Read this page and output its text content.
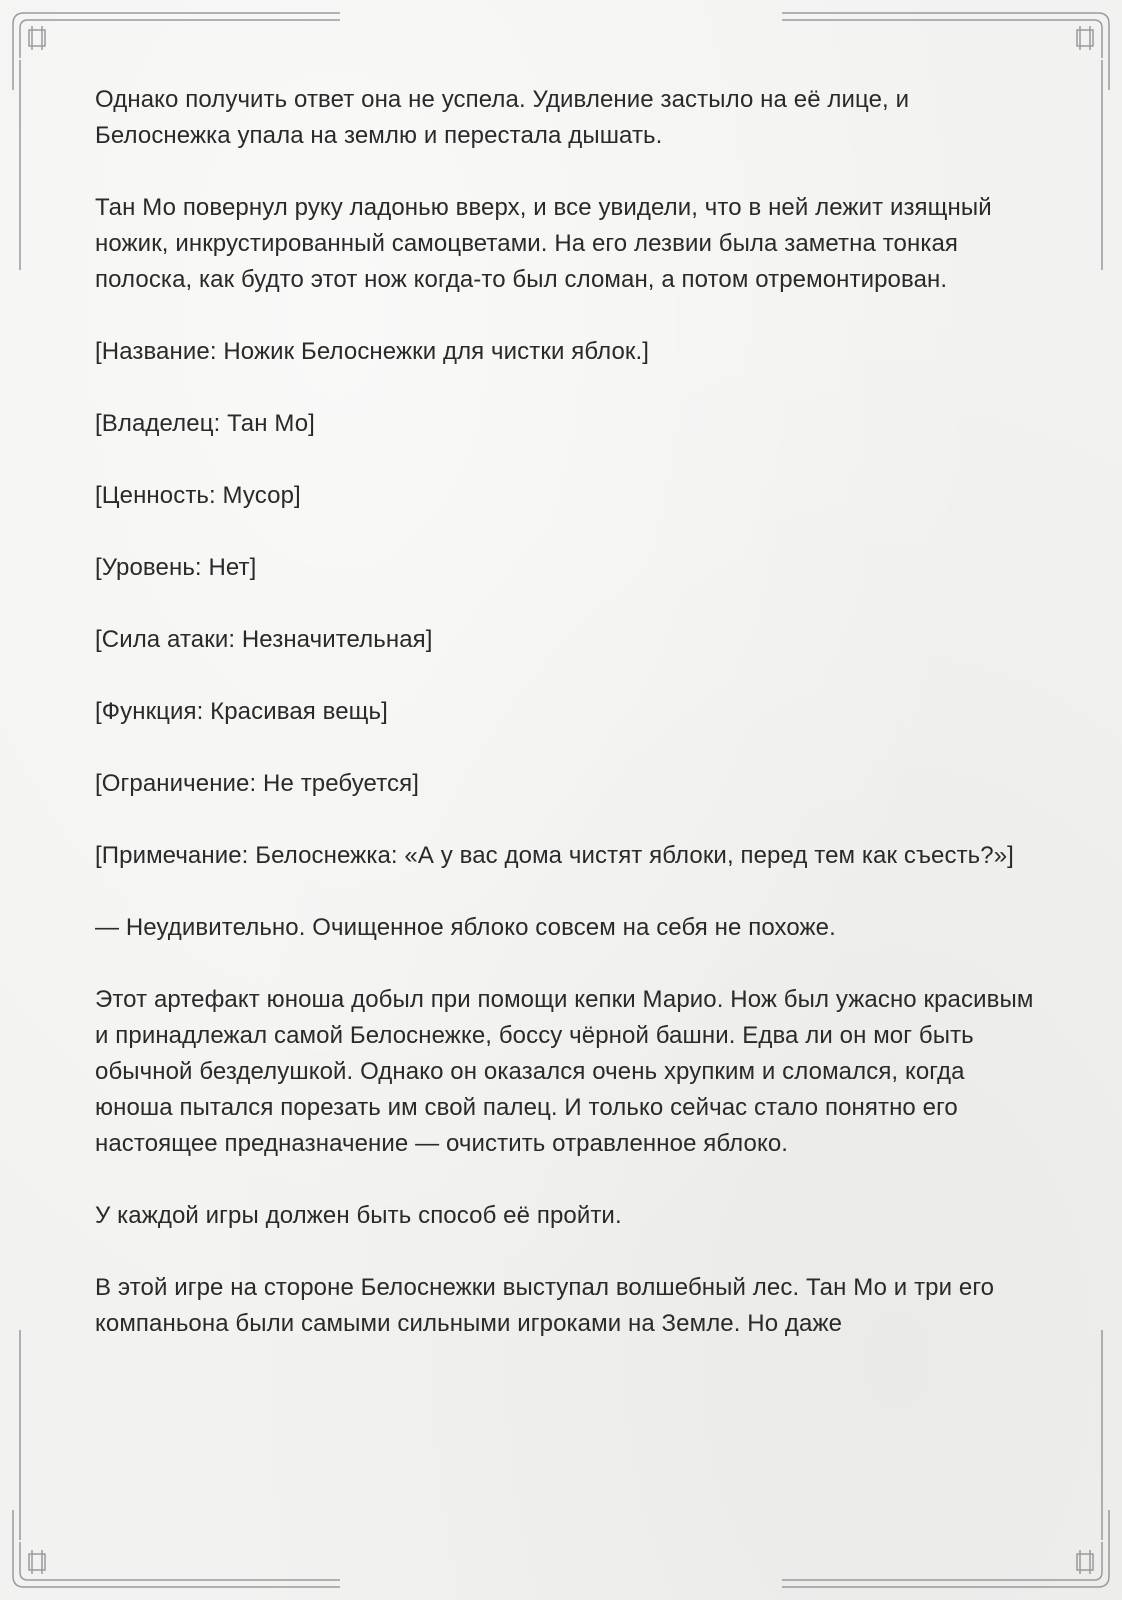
Однако получить ответ она не успела. Удивление застыло на её лице, и Белоснежка упала на землю и перестала дышать.

Тан Мо повернул руку ладонью вверх, и все увидели, что в ней лежит изящный ножик, инкрустированный самоцветами. На его лезвии была заметна тонкая полоска, как будто этот нож когда-то был сломан, а потом отремонтирован.

[Название: Ножик Белоснежки для чистки яблок.]

[Владелец: Тан Мо]

[Ценность: Мусор]

[Уровень: Нет]

[Сила атаки: Незначительная]

[Функция: Красивая вещь]

[Ограничение: Не требуется]

[Примечание: Белоснежка: «А у вас дома чистят яблоки, перед тем как съесть?»]

— Неудивительно. Очищенное яблоко совсем на себя не похоже.

Этот артефакт юноша добыл при помощи кепки Марио. Нож был ужасно красивым и принадлежал самой Белоснежке, боссу чёрной башни. Едва ли он мог быть обычной безделушкой. Однако он оказался очень хрупким и сломался, когда юноша пытался порезать им свой палец. И только сейчас стало понятно его настоящее предназначение — очистить отравленное яблоко.

У каждой игры должен быть способ её пройти.

В этой игре на стороне Белоснежки выступал волшебный лес. Тан Мо и три его компаньона были самыми сильными игроками на Земле. Но даже
